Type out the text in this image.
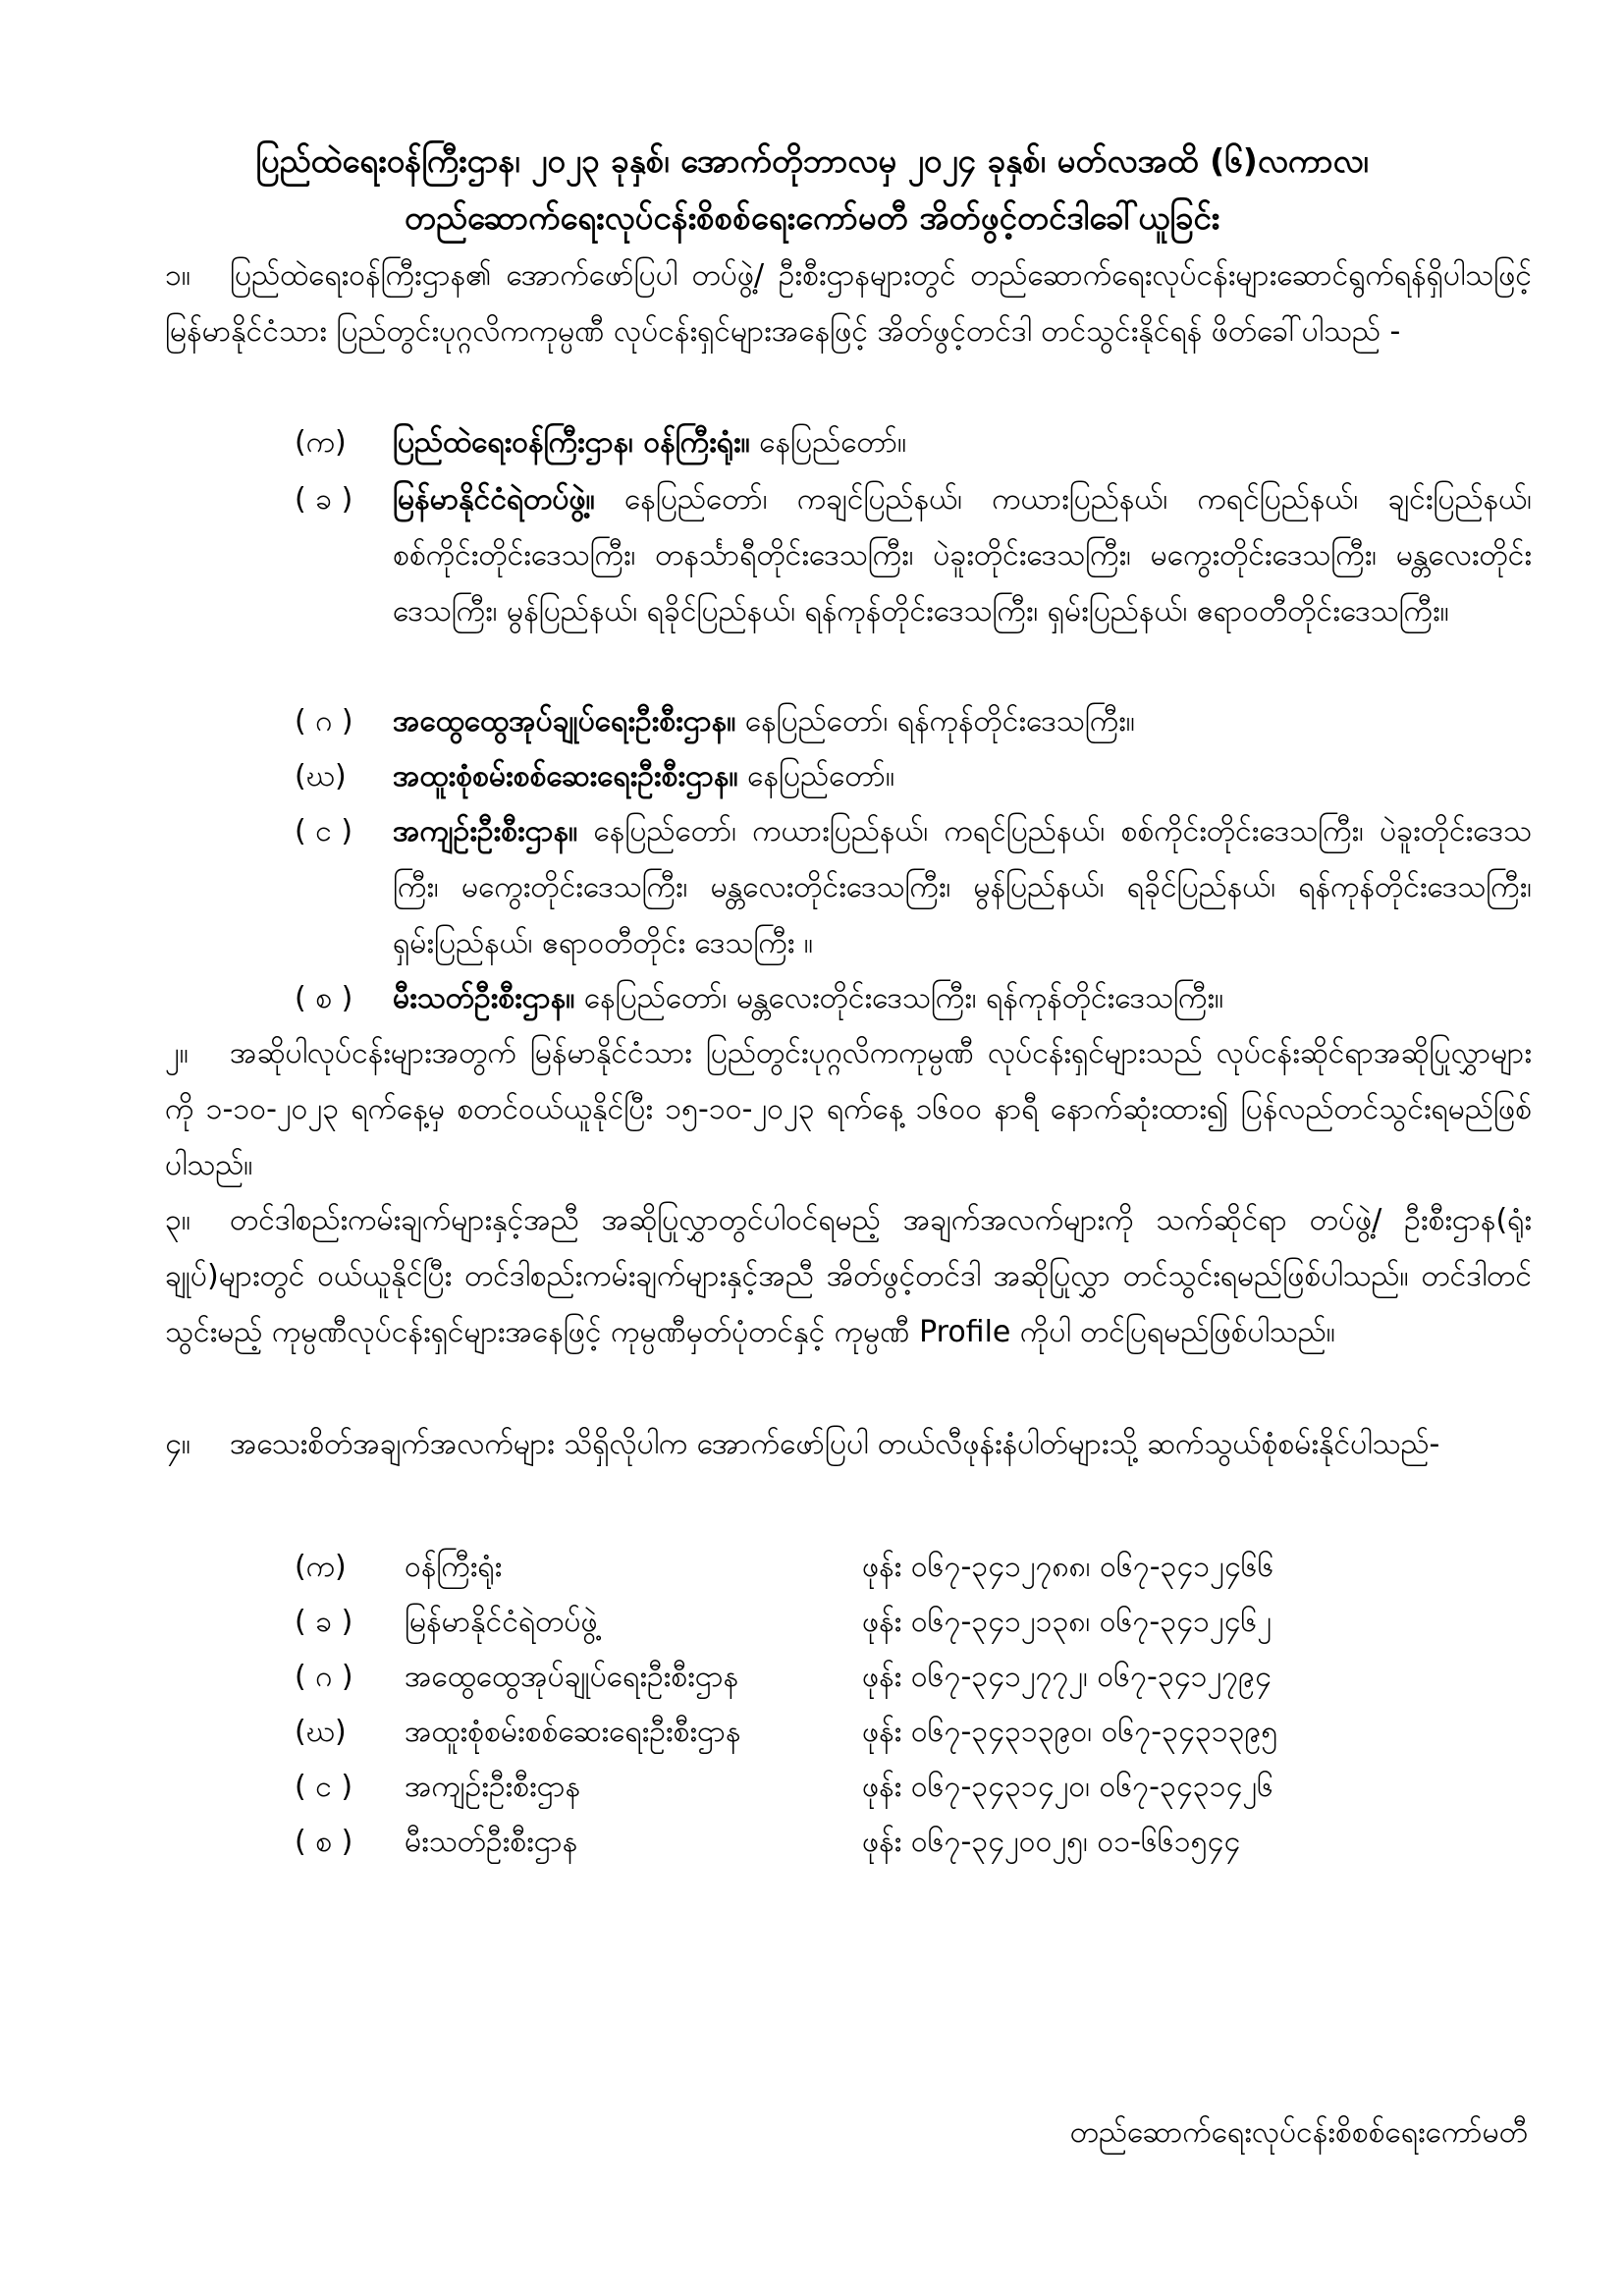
ပြည်ထဲရေးဝန်ကြီးဌာန၊ ၂၀၂၃ ခုနှစ်၊ အောက်တိုဘာလမှ ၂၀၂၄ ခုနှစ်၊ မတ်လအထိ (၆)လကာလ၊
တည်ဆောက်ရေးလုပ်ငန်းစိစစ်ရေးကော်မတီ အိတ်ဖွင့်တင်ဒါခေါ်ယူခြင်း
၁။ ပြည်ထဲရေးဝန်ကြီးဌာန၏ အောက်ဖော်ပြပါ တပ်ဖွဲ့/ ဦးစီးဌာနများတွင် တည်ဆောက်ရေးလုပ်ငန်းများဆောင်ရွက်ရန်ရှိပါသဖြင့် မြန်မာနိုင်ငံသား ပြည်တွင်းပုဂ္ဂလိကကုမ္ပဏီ လုပ်ငန်းရှင်များအနေဖြင့် အိတ်ဖွင့်တင်ဒါ တင်သွင်းနိုင်ရန် ဖိတ်ခေါ်ပါသည် -
(က)	ပြည်ထဲရေးဝန်ကြီးဌာန၊ ဝန်ကြီးရုံး။ နေပြည်တော်။
( ခ )	မြန်မာနိုင်ငံရဲတပ်ဖွဲ့။ နေပြည်တော်၊ ကချင်ပြည်နယ်၊ ကယားပြည်နယ်၊ ကရင်ပြည်နယ်၊ ချင်းပြည်နယ်၊ စစ်ကိုင်းတိုင်းဒေသကြီး၊ တနင်္သာရီတိုင်းဒေသကြီး၊ ပဲခူးတိုင်းဒေသကြီး၊ မကွေးတိုင်းဒေသကြီး၊ မန္တလေးတိုင်းဒေသကြီး၊ မွန်ပြည်နယ်၊ ရခိုင်ပြည်နယ်၊ ရန်ကုန်တိုင်းဒေသကြီး၊ ရှမ်းပြည်နယ်၊ ဧရာဝတီတိုင်းဒေသကြီး။
( ဂ )	အထွေထွေအုပ်ချုပ်ရေးဦးစီးဌာန။ နေပြည်တော်၊ ရန်ကုန်တိုင်းဒေသကြီး။
(ဃ)	အထူးစုံစမ်းစစ်ဆေးရေးဦးစီးဌာန။ နေပြည်တော်။
( င )	အကျဉ်းဦးစီးဌာန။ နေပြည်တော်၊ ကယားပြည်နယ်၊ ကရင်ပြည်နယ်၊ စစ်ကိုင်းတိုင်းဒေသကြီး၊ ပဲခူးတိုင်းဒေသကြီး၊ မကွေးတိုင်းဒေသကြီး၊ မန္တလေးတိုင်းဒေသကြီး၊ မွန်ပြည်နယ်၊ ရခိုင်ပြည်နယ်၊ ရန်ကုန်တိုင်းဒေသကြီး၊ ရှမ်းပြည်နယ်၊ ဧရာဝတီတိုင်း ဒေသကြီး ။
( စ )	မီးသတ်ဦးစီးဌာန။ နေပြည်တော်၊ မန္တလေးတိုင်းဒေသကြီး၊ ရန်ကုန်တိုင်းဒေသကြီး။
၂။ အဆိုပါလုပ်ငန်းများအတွက် မြန်မာနိုင်ငံသား ပြည်တွင်းပုဂ္ဂလိကကုမ္ပဏီ လုပ်ငန်းရှင်များသည် လုပ်ငန်းဆိုင်ရာအဆိုပြုလွှာများကို ၁-၁၀-၂၀၂၃ ရက်နေ့မှ စတင်ဝယ်ယူနိုင်ပြီး ၁၅-၁၀-၂၀၂၃ ရက်နေ့ ၁၆၀၀ နာရီ နောက်ဆုံးထား၍ ပြန်လည်တင်သွင်းရမည်ဖြစ်ပါသည်။
၃။ တင်ဒါစည်းကမ်းချက်များနှင့်အညီ အဆိုပြုလွှာတွင်ပါဝင်ရမည့် အချက်အလက်များကို သက်ဆိုင်ရာ တပ်ဖွဲ့/ ဦးစီးဌာန(ရုံးချုပ်)များတွင် ဝယ်ယူနိုင်ပြီး တင်ဒါစည်းကမ်းချက်များနှင့်အညီ အိတ်ဖွင့်တင်ဒါ အဆိုပြုလွှာ တင်သွင်းရမည်ဖြစ်ပါသည်။ တင်ဒါတင်သွင်းမည့် ကုမ္ပဏီလုပ်ငန်းရှင်များအနေဖြင့် ကုမ္ပဏီမှတ်ပုံတင်နှင့် ကုမ္ပဏီ Profile ကိုပါ တင်ပြရမည်ဖြစ်ပါသည်။
၄။ အသေးစိတ်အချက်အလက်များ သိရှိလိုပါက အောက်ဖော်ပြပါ တယ်လီဖုန်းနံပါတ်များသို့ ဆက်သွယ်စုံစမ်းနိုင်ပါသည်-
(က)	ဝန်ကြီးရုံး	ဖုန်း ၀၆၇-၃၄၁၂၇၈၈၊ ၀၆၇-၃၄၁၂၄၆၆
( ခ )	မြန်မာနိုင်ငံရဲတပ်ဖွဲ့	ဖုန်း ၀၆၇-၃၄၁၂၁၃၈၊ ၀၆၇-၃၄၁၂၄၆၂
( ဂ )	အထွေထွေအုပ်ချုပ်ရေးဦးစီးဌာန	ဖုန်း ၀၆၇-၃၄၁၂၇၇၂၊ ၀၆၇-၃၄၁၂၇၉၄
(ဃ)	အထူးစုံစမ်းစစ်ဆေးရေးဦးစီးဌာန	ဖုန်း ၀၆၇-၃၄၃၁၃၉၀၊ ၀၆၇-၃၄၃၁၃၉၅
( င )	အကျဉ်းဦးစီးဌာန	ဖုန်း ၀၆၇-၃၄၃၁၄၂၀၊ ၀၆၇-၃၄၃၁၄၂၆
( စ )	မီးသတ်ဦးစီးဌာန	ဖုန်း ၀၆၇-၃၄၂၀၀၂၅၊ ၀၁-၆၆၁၅၄၄
တည်ဆောက်ရေးလုပ်ငန်းစိစစ်ရေးကော်မတီ
